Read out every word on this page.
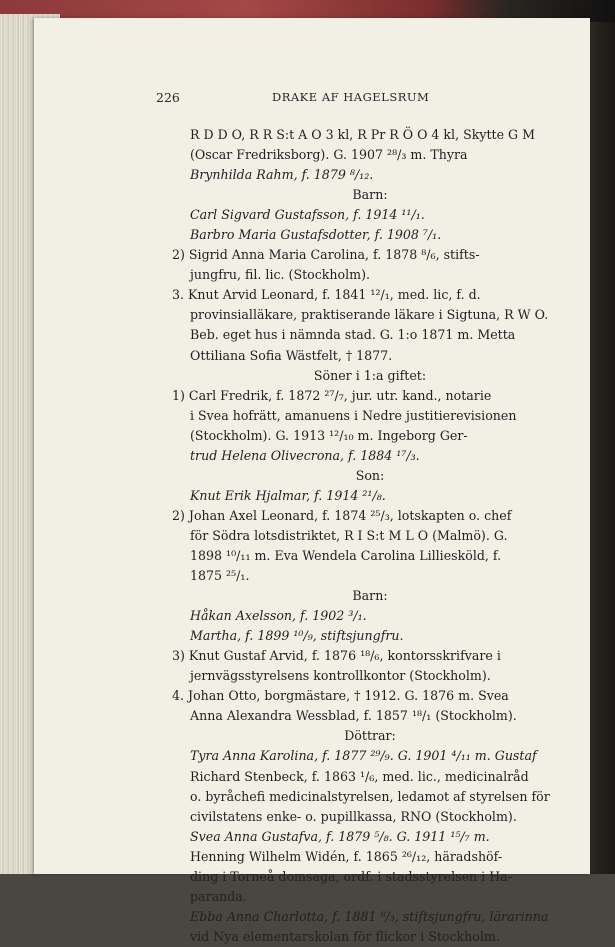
226	DRAKE AF HAGELSRUM
R D D O, R R S:t A O 3 kl, R Pr R Ö O 4 kl, Skytte G M
(Oscar Fredriksborg). G. 1907 ²⁸/₃ m. Thyra
Brynhilda Rahm, f. 1879 ⁸/₁₂.
Barn:
Carl Sigvard Gustafsson, f. 1914 ¹¹/₁.
Barbro Maria Gustafsdotter, f. 1908 ⁷/₁.
2) Sigrid Anna Maria Carolina, f. 1878 ⁸/₆, stifts-
jungfru, fil. lic. (Stockholm).
3. Knut Arvid Leonard, f. 1841 ¹²/₁, med. lic, f. d.
provinsialläkare, praktiserande läkare i Sigtuna, R W O.
Beb. eget hus i nämnda stad. G. 1:o 1871 m. Metta
Ottiliana Sofia Wästfelt, † 1877.
Söner i 1:a giftet:
1) Carl Fredrik, f. 1872 ²⁷/₇, jur. utr. kand., notarie
i Svea hofrätt, amanuens i Nedre justitierevisionen
(Stockholm). G. 1913 ¹²/₁₀ m. Ingeborg Ger-
trud Helena Olivecrona, f. 1884 ¹⁷/₃.
Son:
Knut Erik Hjalmar, f. 1914 ²¹/₈.
2) Johan Axel Leonard, f. 1874 ²⁵/₃, lotskapten o. chef
för Södra lotsdistriktet, R I S:t M L O (Malmö). G.
1898 ¹⁰/₁₁ m. Eva Wendela Carolina Lilliesköld, f.
1875 ²⁵/₁.
Barn:
Håkan Axelsson, f. 1902 ³/₁.
Martha, f. 1899 ¹⁰/₉, stiftsjungfru.
3) Knut Gustaf Arvid, f. 1876 ¹⁸/₆, kontorsskrifvare i
jernvägsstyrelsens kontrollkontor (Stockholm).
4. Johan Otto, borgmästare, † 1912. G. 1876 m. Svea
Anna Alexandra Wessblad, f. 1857 ¹⁸/₁ (Stockholm).
Döttrar:
Tyra Anna Karolina, f. 1877 ²⁹/₉. G. 1901 ⁴/₁₁ m. Gustaf
Richard Stenbeck, f. 1863 ¹/₆, med. lic., medicinalråd
o. byråchefi medicinalstyrelsen, ledamot af styrelsen för
civilstatens enke- o. pupillkassa, RNO (Stockholm).
Svea Anna Gustafva, f. 1879 ⁵/₈. G. 1911 ¹⁵/₇ m.
Henning Wilhelm Widén, f. 1865 ²⁶/₁₂, häradshöf-
ding i Torneå domsaga, ordf. i stadsstyrelsen i Ha-
paranda.
Ebba Anna Charlotta, f. 1881 ⁸/₃, stiftsjungfru, lärarinna
vid Nya elementarskolan för flickor i Stockholm.
